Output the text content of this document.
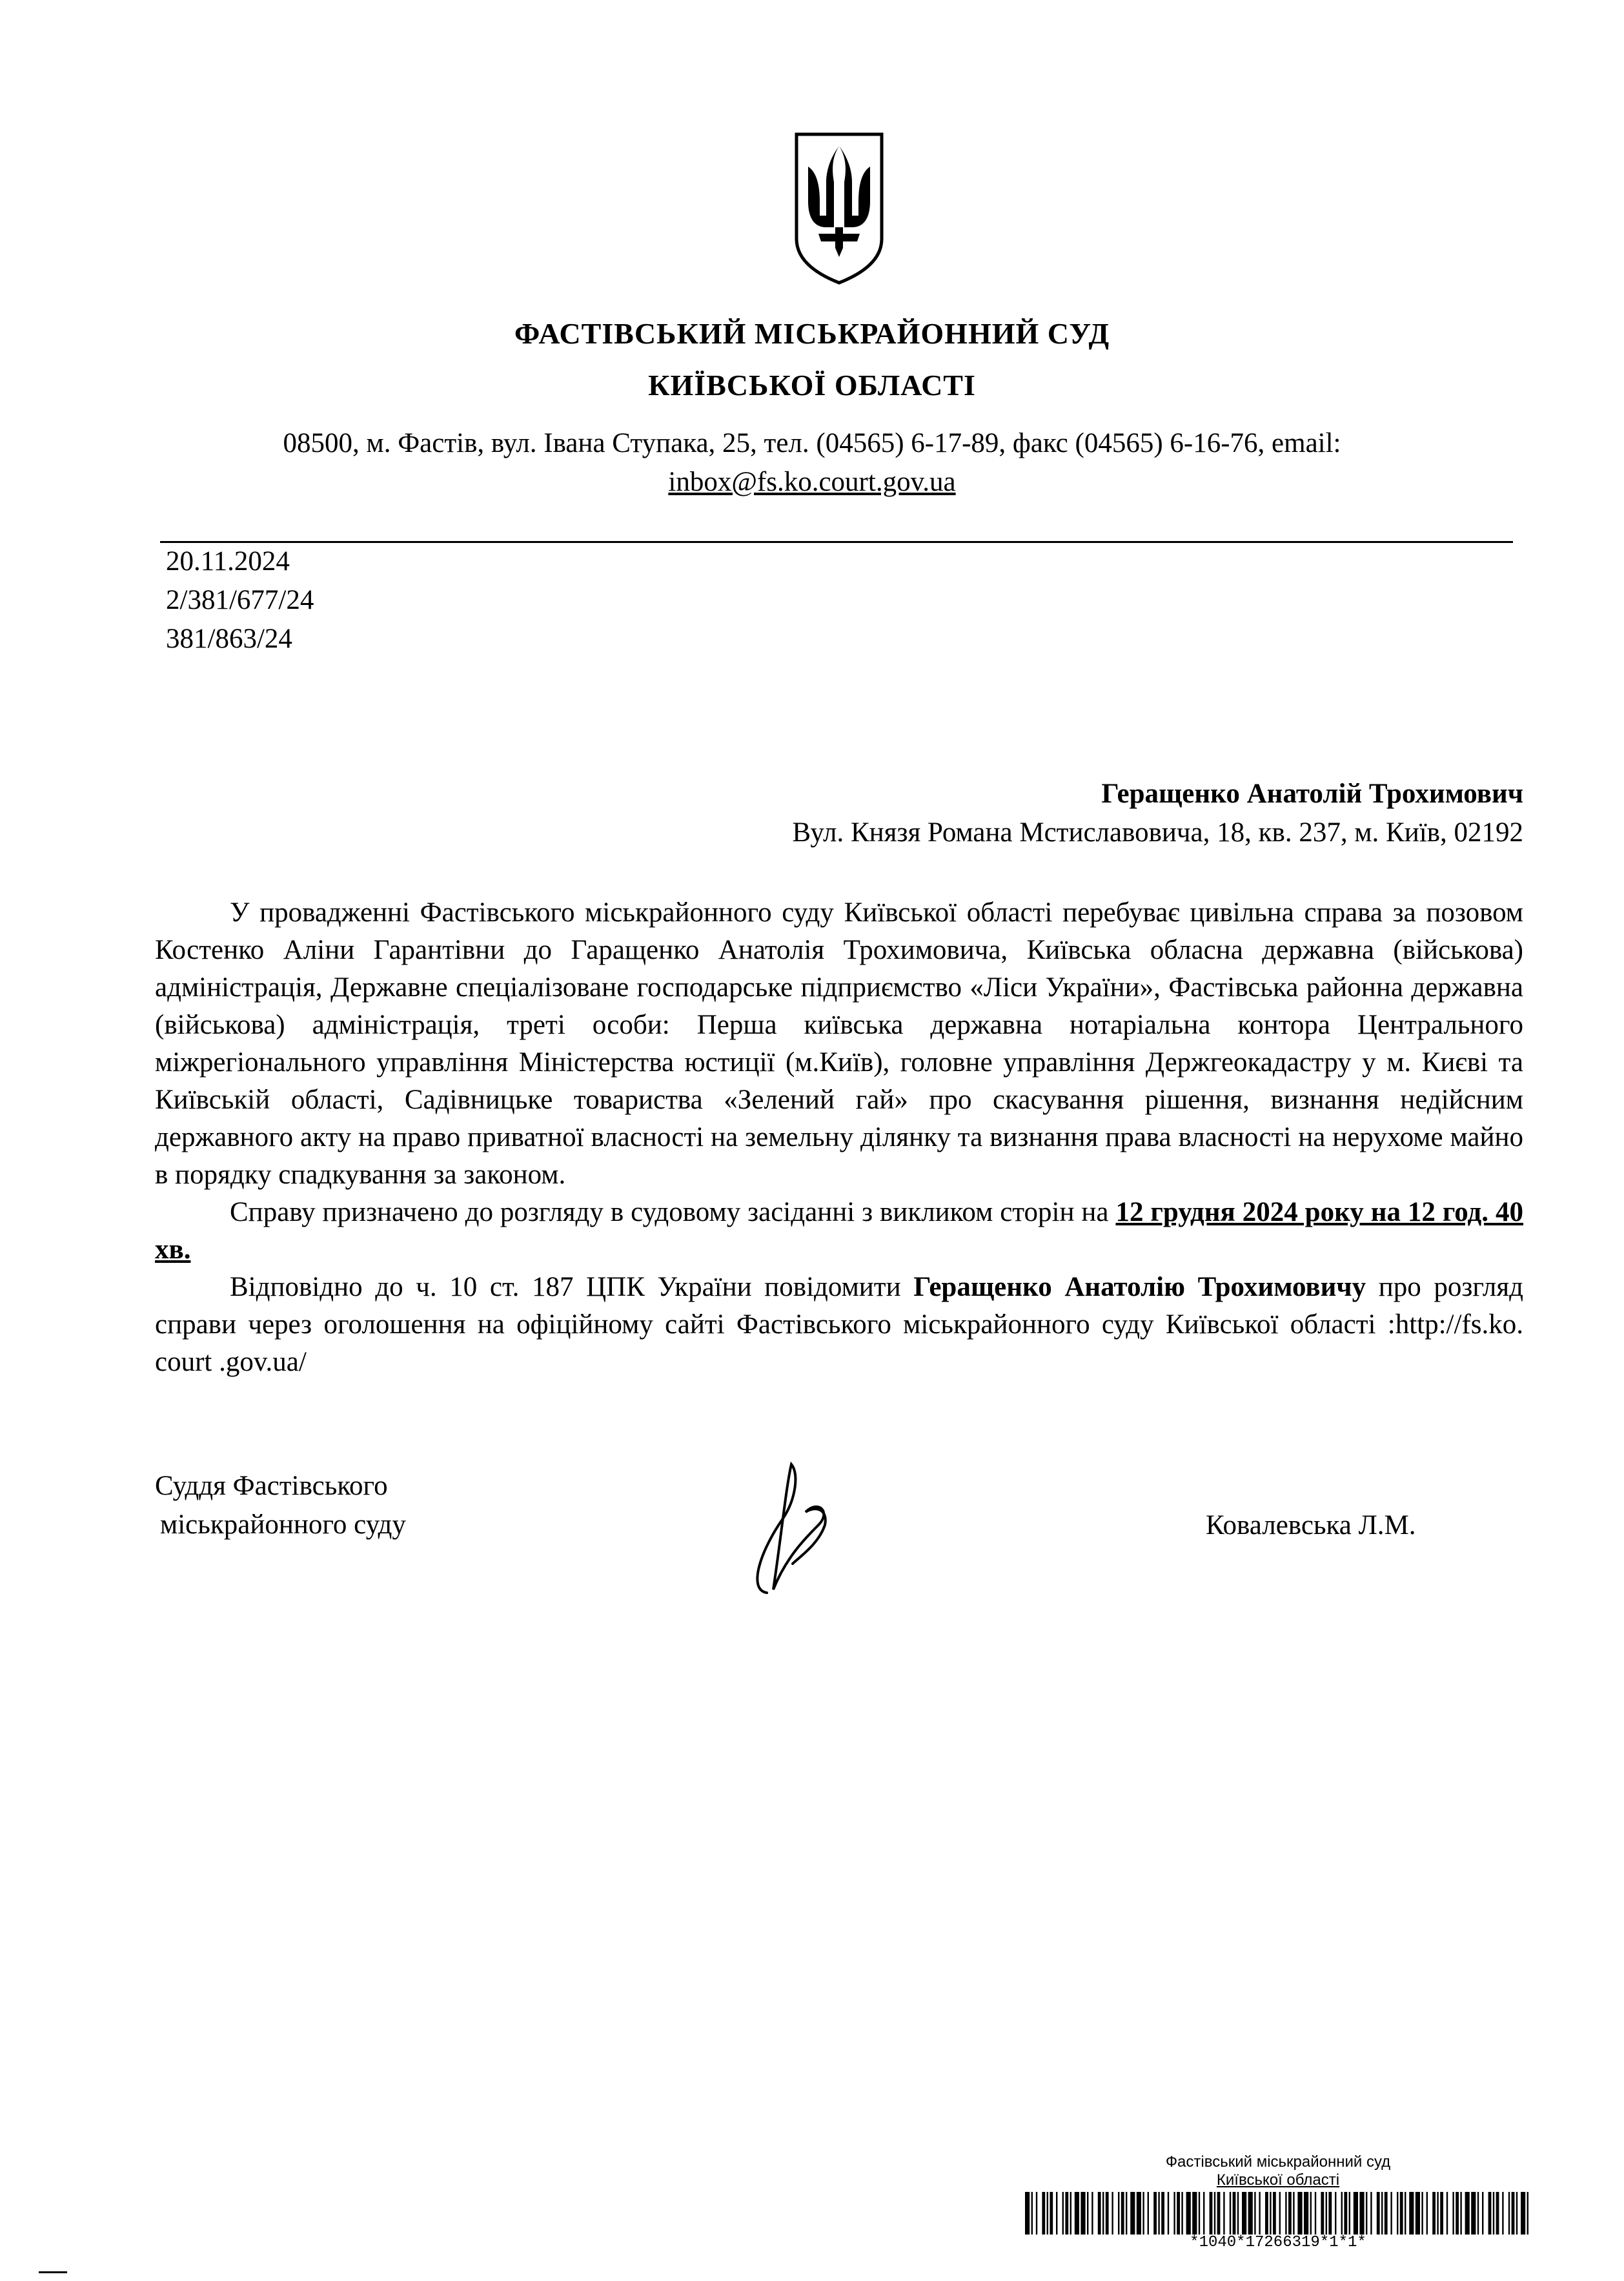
ФАСТІВСЬКИЙ МІСЬКРАЙОННИЙ СУД
КИЇВСЬКОЇ ОБЛАСТІ
08500, м. Фастів, вул. Івана Ступака, 25, тел. (04565) 6-17-89, факс (04565) 6-16-76, email:
inbox@fs.ko.court.gov.ua
20.11.2024
2/381/677/24
381/863/24
Геращенко Анатолій Трохимович
Вул. Князя Романа Мстиславовича, 18, кв. 237, м. Київ, 02192

У провадженні Фастівського міськрайонного суду Київської області перебуває цивільна справа за позовом Костенко Аліни Гарантівни до Гаращенко Анатолія Трохимовича, Київська обласна державна (військова) адміністрація, Державне спеціалізоване господарське підприємство «Ліси України», Фастівська районна державна (військова) адміністрація, треті особи: Перша київська державна нотаріальна контора Центрального міжрегіонального управління Міністерства юстиції (м.Київ), головне управління Держгеокадастру у м. Києві та Київській області, Садівницьке товариства «Зелений гай» про скасування рішення, визнання недійсним державного акту на право приватної власності на земельну ділянку та визнання права власності на нерухоме майно в порядку спадкування за законом.

Справу призначено до розгляду в судовому засіданні з викликом сторін на 12 грудня 2024 року на 12 год. 40 хв.

Відповідно до ч. 10 ст. 187 ЦПК України повідомити Геращенко Анатолію Трохимовичу про розгляд справи через оголошення на офіційному сайті Фастівського міськрайонного суду Київської області :http://fs.ko. court .gov.ua/

Суддя Фастівського
міськрайонного суду	Ковалевська Л.М.
Фастівський міськрайонний суд
Київської області
*1040*17266319*1*1*
